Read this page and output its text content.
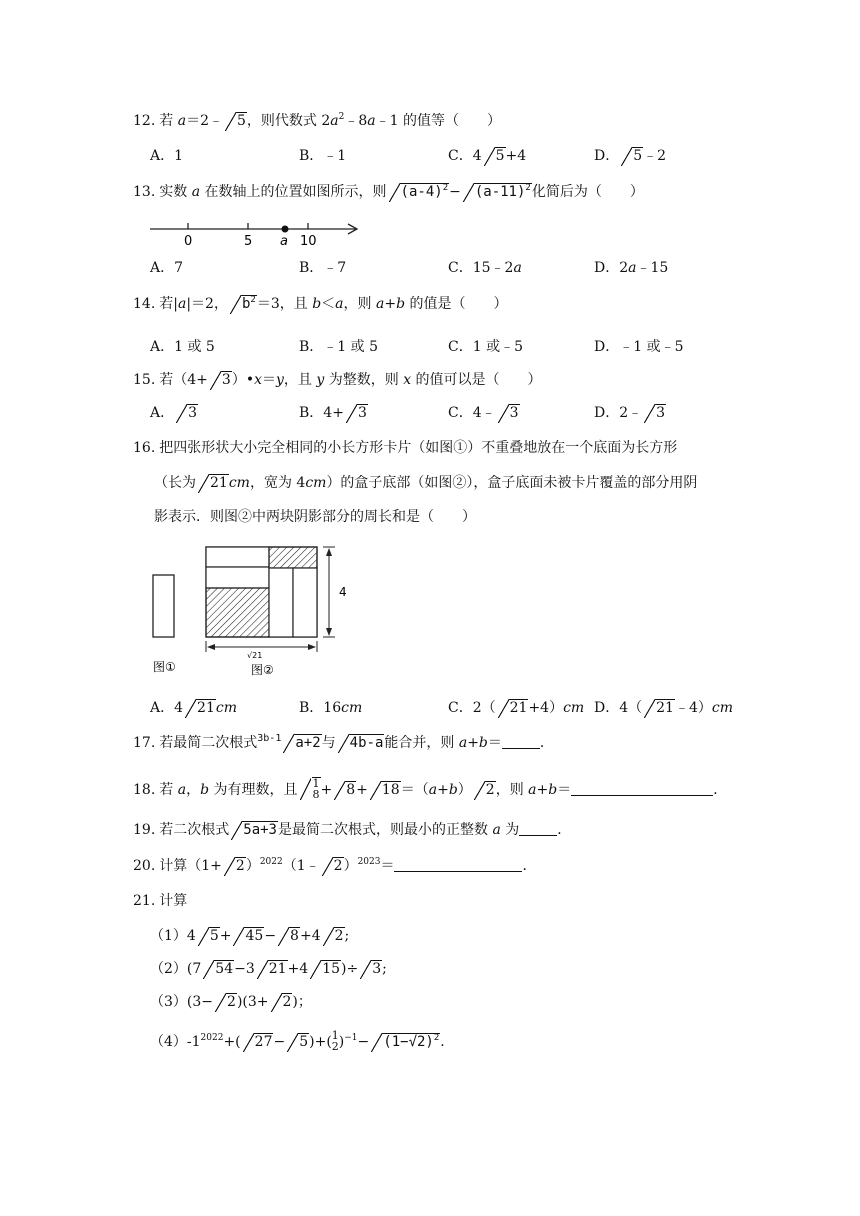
12. 若 a＝2﹣ 5，则代数式 $2a^2﹣8a﹣1$ 的值等（　　）
A．1	B．﹣1	C．4 5+4	D． 5﹣2
13. 实数 a 在数轴上的位置如图所示，则 $(a-4)^2- (a-11)^2$化简后为（　　）
0	5 a 10
A．7	B．﹣7	C．15﹣2a	D．2a﹣15
14. 若|a|＝2， $b^2=3$，且 b＜a，则 a+b 的值是（　　）
A．1 或 5	B．﹣1 或 5	C．1 或﹣5	D．﹣1 或﹣5
15. 若（4+ 3）•x＝y，且 y 为整数，则 x 的值可以是（　　）
A． 3	B．4+ 3	C．4﹣ 3	D．2﹣ 3
16. 把四张形状大小完全相同的小长方形卡片（如图①）不重叠地放在一个底面为长方形
（长为 21cm，宽为 4cm）的盒子底部（如图②），盒子底面未被卡片覆盖的部分用阴
影表示．则图②中两块阴影部分的周长和是（　　）
4
√21
图①	图②
A．4 21cm	B．16cm	C．2（ 21+4）cm D．4（ 21﹣4）cm
17. 若最简二次根式$^{3b-1}$ a+2与 4b-a能合并，则 a+b＝	．
18. 若 a，b 为有理数，且 1
8+ 8+ 18＝（a+b） 2，则 a+b＝	．
19. 若二次根式 5a+3是最简二次根式，则最小的正整数 a 为	．
20. 计算$(1+ 2)^{2022}(1﹣$ 2）$^{2023}$＝	．
21. 计算
（1）4 5+ 45− 8+4 2;
（2）(7 54−3 21+4 15)÷ 3;
（3）(3− 2)(3+ 2)；
$(4)-1^{2022}+$( 27− 5)+(1
$2)^{-1}- (1-√2)^2$.
